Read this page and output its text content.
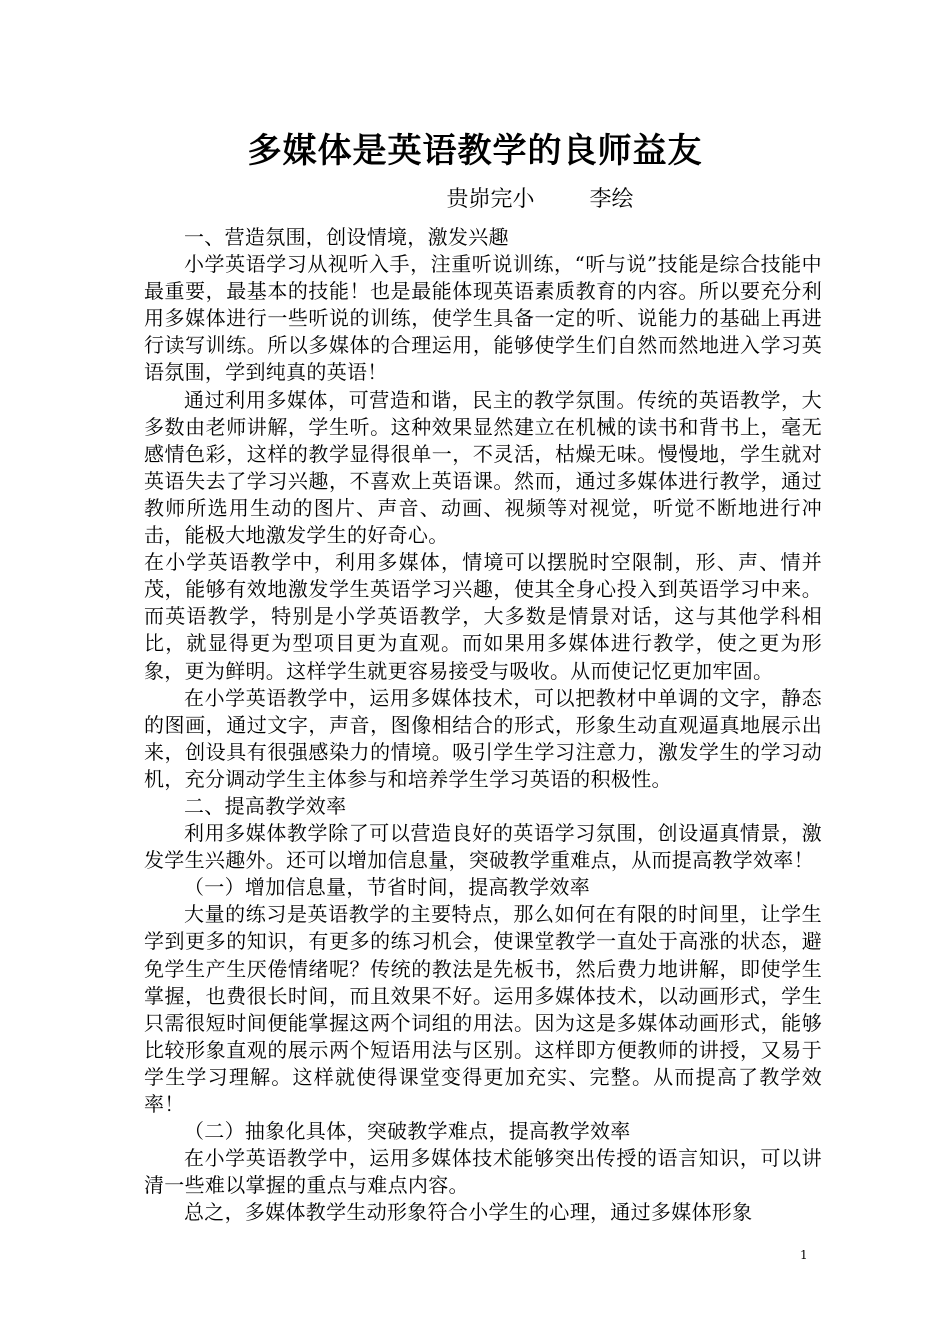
多媒体是英语教学的良师益友
贵峁完小	李绘

一、营造氛围，创设情境，激发兴趣

小学英语学习从视听入手，注重听说训练，“听与说”技能是综合技能中最重要，最基本的技能！也是最能体现英语素质教育的内容。所以要充分利用多媒体进行一些听说的训练，使学生具备一定的听、说能力的基础上再进行读写训练。所以多媒体的合理运用，能够使学生们自然而然地进入学习英语氛围，学到纯真的英语！

通过利用多媒体，可营造和谐，民主的教学氛围。传统的英语教学，大多数由老师讲解，学生听。这种效果显然建立在机械的读书和背书上，毫无感情色彩，这样的教学显得很单一，不灵活，枯燥无味。慢慢地，学生就对英语失去了学习兴趣，不喜欢上英语课。然而，通过多媒体进行教学，通过教师所选用生动的图片、声音、动画、视频等对视觉，听觉不断地进行冲击，能极大地激发学生的好奇心。

在小学英语教学中，利用多媒体，情境可以摆脱时空限制，形、声、情并茂，能够有效地激发学生英语学习兴趣，使其全身心投入到英语学习中来。而英语教学，特别是小学英语教学，大多数是情景对话，这与其他学科相比，就显得更为型项目更为直观。而如果用多媒体进行教学，使之更为形象，更为鲜明。这样学生就更容易接受与吸收。从而使记忆更加牢固。

在小学英语教学中，运用多媒体技术，可以把教材中单调的文字，静态的图画，通过文字，声音，图像相结合的形式，形象生动直观逼真地展示出来，创设具有很强感染力的情境。吸引学生学习注意力，激发学生的学习动机，充分调动学生主体参与和培养学生学习英语的积极性。

二、提高教学效率

利用多媒体教学除了可以营造良好的英语学习氛围，创设逼真情景，激发学生兴趣外。还可以增加信息量，突破教学重难点，从而提高教学效率！

（一）增加信息量，节省时间，提高教学效率

大量的练习是英语教学的主要特点，那么如何在有限的时间里，让学生学到更多的知识，有更多的练习机会，使课堂教学一直处于高涨的状态，避免学生产生厌倦情绪呢？传统的教法是先板书，然后费力地讲解，即使学生掌握，也费很长时间，而且效果不好。运用多媒体技术，以动画形式，学生只需很短时间便能掌握这两个词组的用法。因为这是多媒体动画形式，能够比较形象直观的展示两个短语用法与区别。这样即方便教师的讲授，又易于学生学习理解。这样就使得课堂变得更加充实、完整。从而提高了教学效率！

（二）抽象化具体，突破教学难点，提高教学效率

在小学英语教学中，运用多媒体技术能够突出传授的语言知识，可以讲清一些难以掌握的重点与难点内容。

总之，多媒体教学生动形象符合小学生的心理，通过多媒体形象

1
